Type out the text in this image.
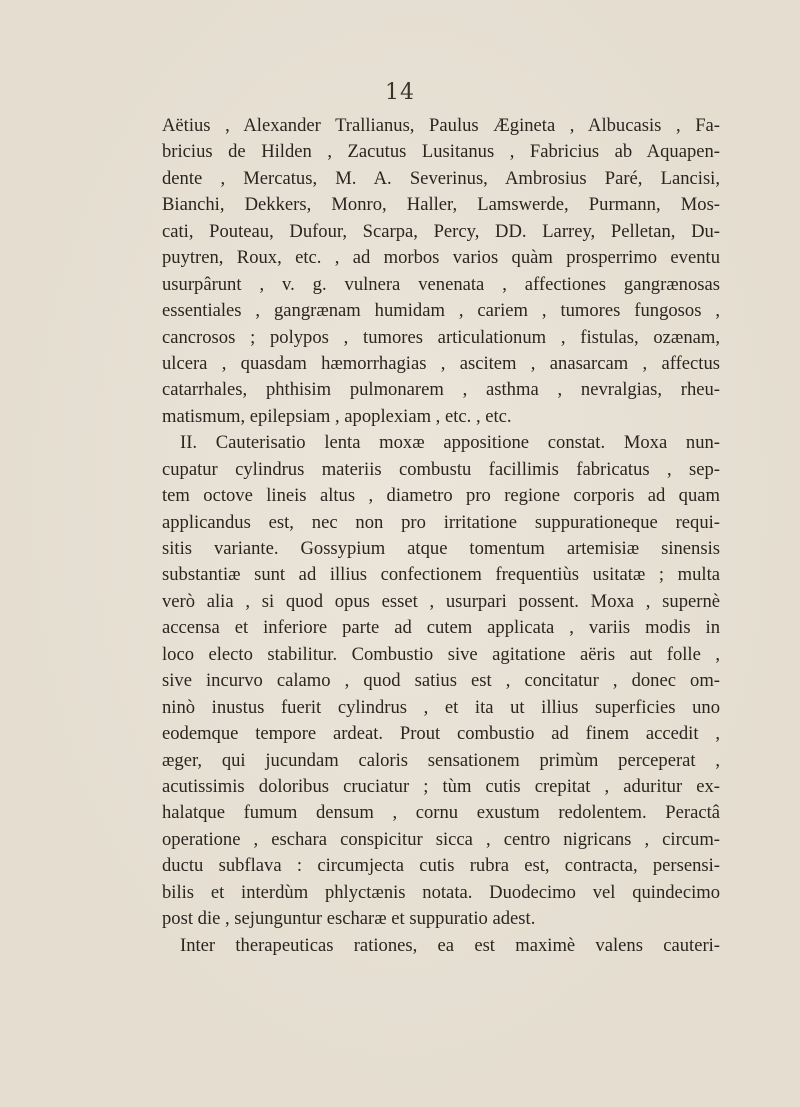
14
Aëtius , Alexander Trallianus, Paulus Ægineta , Albucasis , Fa-
bricius de Hilden , Zacutus Lusitanus , Fabricius ab Aquapen-
dente , Mercatus, M. A. Severinus, Ambrosius Paré, Lancisi,
Bianchi, Dekkers, Monro, Haller, Lamswerde, Purmann, Mos-
cati, Pouteau, Dufour, Scarpa, Percy, DD. Larrey, Pelletan, Du-
puytren, Roux, etc. , ad morbos varios quàm prosperrimo eventu
usurpârunt , v. g. vulnera venenata , affectiones gangrænosas
essentiales , gangrænam humidam , cariem , tumores fungosos ,
cancrosos ; polypos , tumores articulationum , fistulas, ozænam,
ulcera , quasdam hæmorrhagias , ascitem , anasarcam , affectus
catarrhales, phthisim pulmonarem , asthma , nevralgias, rheu-
matismum, epilepsiam , apoplexiam , etc. , etc.
II. Cauterisatio lenta moxæ appositione constat. Moxa nun-
cupatur cylindrus materiis combustu facillimis fabricatus , sep-
tem octove lineis altus , diametro pro regione corporis ad quam
applicandus est, nec non pro irritatione suppurationeque requi-
sitis variante. Gossypium atque tomentum artemisiæ sinensis
substantiæ sunt ad illius confectionem frequentiùs usitatæ ; multa
verò alia , si quod opus esset , usurpari possent. Moxa , supernè
accensa et inferiore parte ad cutem applicata , variis modis in
loco electo stabilitur. Combustio sive agitatione aëris aut folle ,
sive incurvo calamo , quod satius est , concitatur , donec om-
ninò inustus fuerit cylindrus , et ita ut illius superficies uno
eodemque tempore ardeat. Prout combustio ad finem accedit ,
æger, qui jucundam caloris sensationem primùm perceperat ,
acutissimis doloribus cruciatur ; tùm cutis crepitat , aduritur ex-
halatque fumum densum , cornu exustum redolentem. Peractâ
operatione , eschara conspicitur sicca , centro nigricans , circum-
ductu subflava : circumjecta cutis rubra est, contracta, persensi-
bilis et interdùm phlyctænis notata. Duodecimo vel quindecimo
post die , sejunguntur escharæ et suppuratio adest.
Inter therapeuticas rationes, ea est maximè valens cauteri-
